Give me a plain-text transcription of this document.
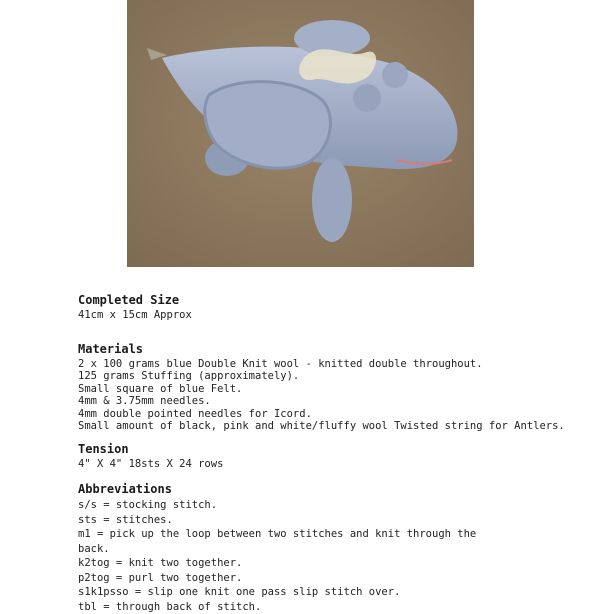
Completed Size
41cm x 15cm Approx
Materials
2 x 100 grams blue Double Knit wool - knitted double throughout.
125 grams Stuffing (approximately).
Small square of blue Felt.
4mm & 3.75mm needles.
4mm double pointed needles for Icord.
Small amount of black, pink and white/fluffy wool Twisted string for Antlers.
Tension
4" X 4" 18sts X 24 rows
Abbreviations
s/s = stocking stitch.
sts = stitches.
m1 = pick up the loop between two stitches and knit through the
back.
k2tog = knit two together.
p2tog = purl two together.
s1k1psso = slip one knit one pass slip stitch over.
tbl = through back of stitch.
